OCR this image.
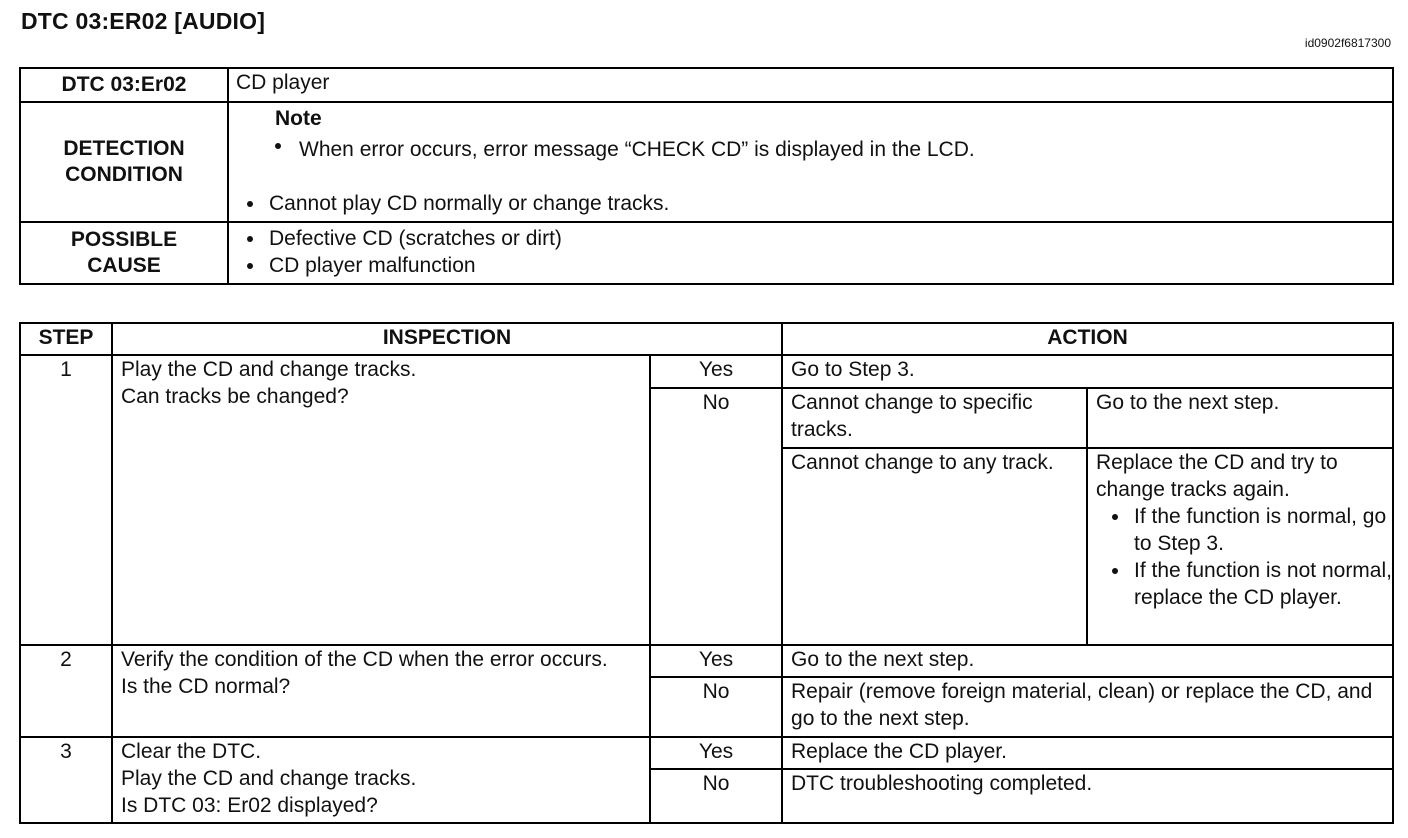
DTC 03:ER02 [AUDIO]
id0902f6817300
DTC 03:Er02	CD player
DETECTION CONDITION	Note
When error occurs, error message “CHECK CD” is displayed in the LCD.
Cannot play CD normally or change tracks.

POSSIBLE CAUSE	Defective CD (scratches or dirt)
CD player malfunction
STEP	INSPECTION		ACTION	
1	Play the CD and change tracks.
Can tracks be changed?	Yes	Go to Step 3.	
		No	Cannot change to specific tracks.	Go to the next step.
			Cannot change to any track.	Replace the CD and try to change tracks again.
If the function is normal, go to Step 3.
If the function is not normal, replace the CD player.

2	Verify the condition of the CD when the error occurs.
Is the CD normal?	Yes	Go to the next step.	
		No	Repair (remove foreign material, clean) or replace the CD, and go to the next step.	
3	Clear the DTC.
Play the CD and change tracks.
Is DTC 03: Er02 displayed?	Yes	Replace the CD player.	
		No	DTC troubleshooting completed.	
